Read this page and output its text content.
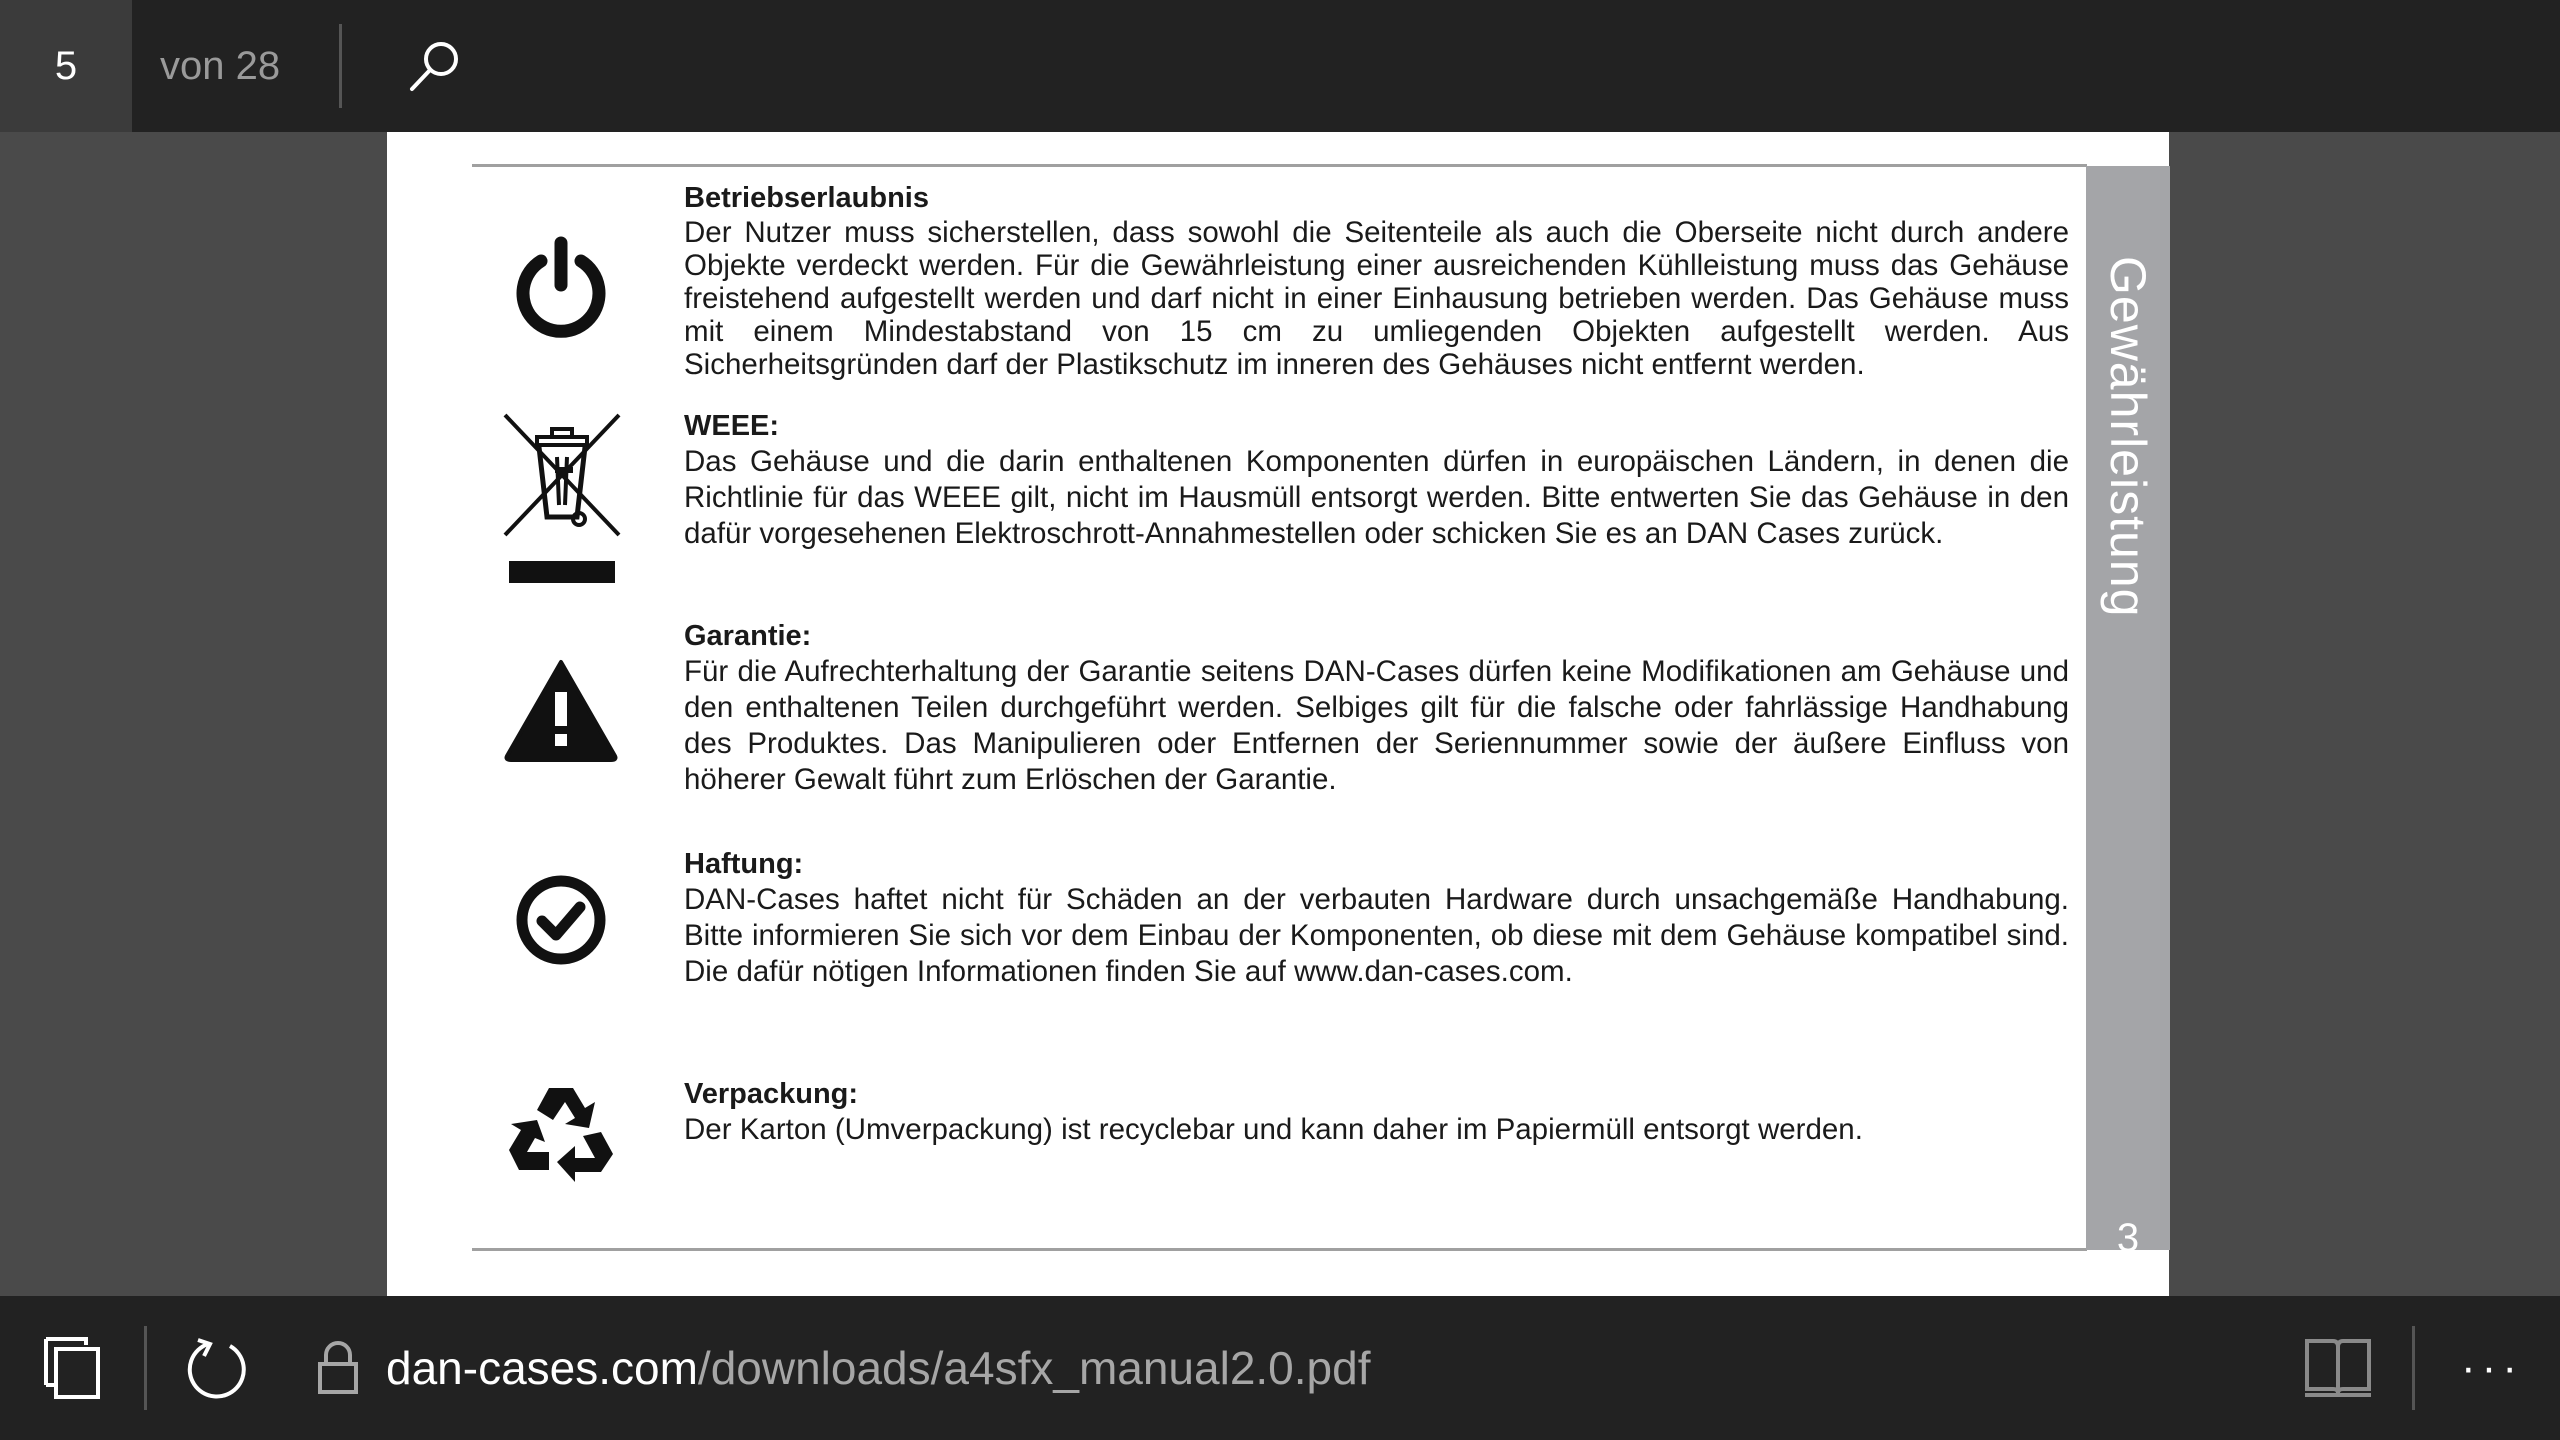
5 von 28
Gewährleistung
3
Betriebserlaubnis
Der Nutzer muss sicherstellen, dass sowohl die Seitenteile als auch die Oberseite nicht durch andere Objekte verdeckt werden. Für die Gewährleistung einer ausreichenden Kühlleistung muss das Gehäuse freistehend aufgestellt werden und darf nicht in einer Einhausung betrieben werden. Das Gehäuse muss mit einem Mindestabstand von 15 cm zu umliegenden Objekten aufgestellt werden. Aus Sicherheitsgründen darf der Plastikschutz im inneren des Gehäuses nicht entfernt werden.
WEEE:
Das Gehäuse und die darin enthaltenen Komponenten dürfen in europäischen Ländern, in denen die Richtlinie für das WEEE gilt, nicht im Hausmüll entsorgt werden. Bitte entwerten Sie das Gehäuse in den dafür vorgesehenen Elektroschrott-Annahmestellen oder schicken Sie es an DAN Cases zurück.
Garantie:
Für die Aufrechterhaltung der Garantie seitens DAN-Cases dürfen keine Modifikationen am Gehäuse und den enthaltenen Teilen durchgeführt werden. Selbiges gilt für die falsche oder fahrlässige Handhabung des Produktes. Das Manipulieren oder Entfernen der Seriennummer sowie der äußere Einfluss von höherer Gewalt führt zum Erlöschen der Garantie.
Haftung:
DAN-Cases haftet nicht für Schäden an der verbauten Hardware durch unsachgemäße Handhabung. Bitte informieren Sie sich vor dem Einbau der Komponenten, ob diese mit dem Gehäuse kompatibel sind. Die dafür nötigen Informationen finden Sie auf www.dan-cases.com.
Verpackung:
Der Karton (Umverpackung) ist recyclebar und kann daher im Papiermüll entsorgt werden.
dan-cases.com /downloads/a4sfx_manual2.0.pdf	···
